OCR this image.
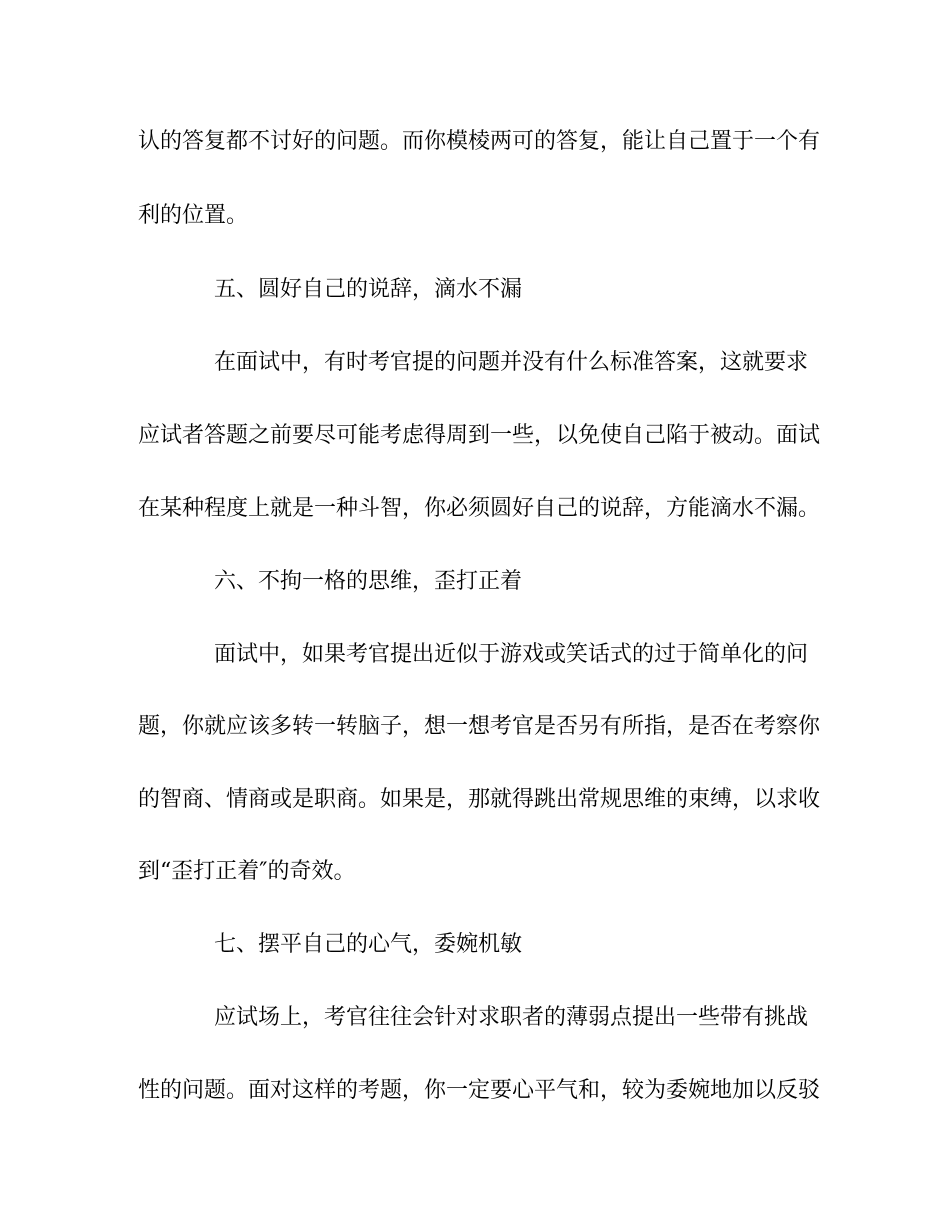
认的答复都不讨好的问题。而你模棱两可的答复，能让自己置于一个有
利的位置。
五、圆好自己的说辞，滴水不漏
在面试中，有时考官提的问题并没有什么标准答案，这就要求
应试者答题之前要尽可能考虑得周到一些，以免使自己陷于被动。面试
在某种程度上就是一种斗智，你必须圆好自己的说辞，方能滴水不漏。
六、不拘一格的思维，歪打正着
面试中，如果考官提出近似于游戏或笑话式的过于简单化的问
题，你就应该多转一转脑子，想一想考官是否另有所指，是否在考察你
的智商、情商或是职商。如果是，那就得跳出常规思维的束缚，以求收
到“歪打正着″的奇效。
七、摆平自己的心气，委婉机敏
应试场上，考官往往会针对求职者的薄弱点提出一些带有挑战
性的问题。面对这样的考题，你一定要心平气和，较为委婉地加以反驳
